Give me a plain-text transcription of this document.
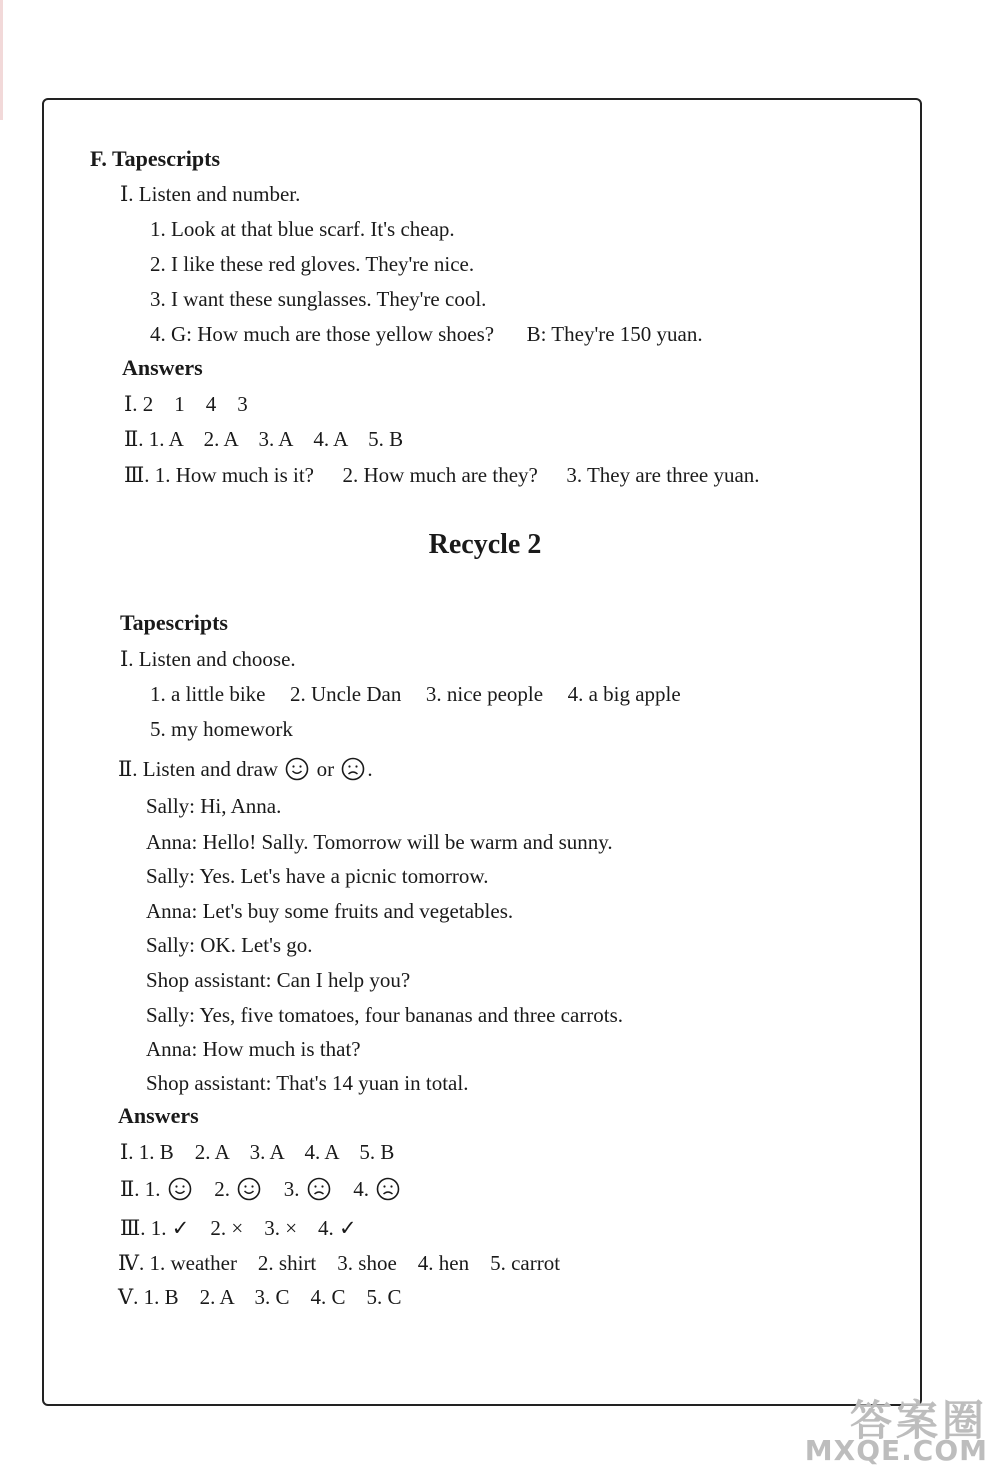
F. Tapescripts
Ⅰ. Listen and number.
1. Look at that blue scarf. It's cheap.
2. I like these red gloves. They're nice.
3. I want these sunglasses. They're cool.
4. G: How much are those yellow shoes? B: They're 150 yuan.
Answers
Ⅰ. 2　1　4　3
Ⅱ. 1. A　2. A　3. A　4. A　5. B
Ⅲ. 1. How much is it? 2. How much are they? 3. They are three yuan.
Recycle 2
Tapescripts
Ⅰ. Listen and choose.
1. a little bike 2. Uncle Dan 3. nice people 4. a big apple
5. my homework
Ⅱ. Listen and draw or .
Sally: Hi, Anna.
Anna: Hello! Sally. Tomorrow will be warm and sunny.
Sally: Yes. Let's have a picnic tomorrow.
Anna: Let's buy some fruits and vegetables.
Sally: OK. Let's go.
Shop assistant: Can I help you?
Sally: Yes, five tomatoes, four bananas and three carrots.
Anna: How much is that?
Shop assistant: That's 14 yuan in total.
Answers
Ⅰ. 1. B　2. A　3. A　4. A　5. B
Ⅱ. 1.	2.	3.	4.
Ⅲ. 1. ✓　2. ×　3. ×　4. ✓
Ⅳ. 1. weather　2. shirt　3. shoe　4. hen　5. carrot
Ⅴ. 1. B　2. A　3. C　4. C　5. C
答案圈
MXQE.COM
